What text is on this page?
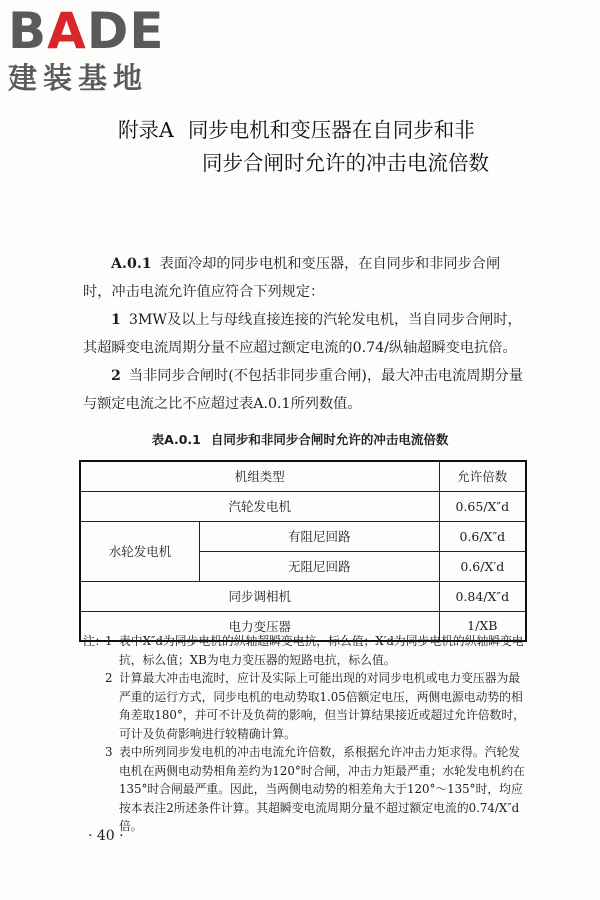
BADE
建装基地
附录A 同步电机和变压器在自同步和非
同步合闸时允许的冲击电流倍数
A.0.1 表面冷却的同步电机和变压器，在自同步和非同步合闸时，冲击电流允许值应符合下列规定：
1 3MW及以上与母线直接连接的汽轮发电机，当自同步合闸时，其超瞬变电流周期分量不应超过额定电流的0.74/纵轴超瞬变电抗倍。
2 当非同步合闸时(不包括非同步重合闸)，最大冲击电流周期分量与额定电流之比不应超过表A.0.1所列数值。
表A.0.1 自同步和非同步合闸时允许的冲击电流倍数
机组类型		允许倍数
汽轮发电机		0.65/X″d
水轮发电机	有阻尼回路	0.6/X″d
	无阻尼回路	0.6/X′d
同步调相机		0.84/X″d
电力变压器		1/XB
注：
1 表中X″d为同步电机的纵轴超瞬变电抗，标么值；X′d为同步电机的纵轴瞬变电抗，标么值；XB为电力变压器的短路电抗，标么值。
2 计算最大冲击电流时，应计及实际上可能出现的对同步电机或电力变压器为最严重的运行方式，同步电机的电动势取1.05倍额定电压，两侧电源电动势的相角差取180°，并可不计及负荷的影响，但当计算结果接近或超过允许倍数时，可计及负荷影响进行较精确计算。
3 表中所列同步发电机的冲击电流允许倍数，系根据允许冲击力矩求得。汽轮发电机在两侧电动势相角差约为120°时合闸，冲击力矩最严重；水轮发电机约在135°时合闸最严重。因此，当两侧电动势的相差角大于120°～135°时，均应按本表注2所述条件计算。其超瞬变电流周期分量不超过额定电流的0.74/X″d倍。
· 40 ·
